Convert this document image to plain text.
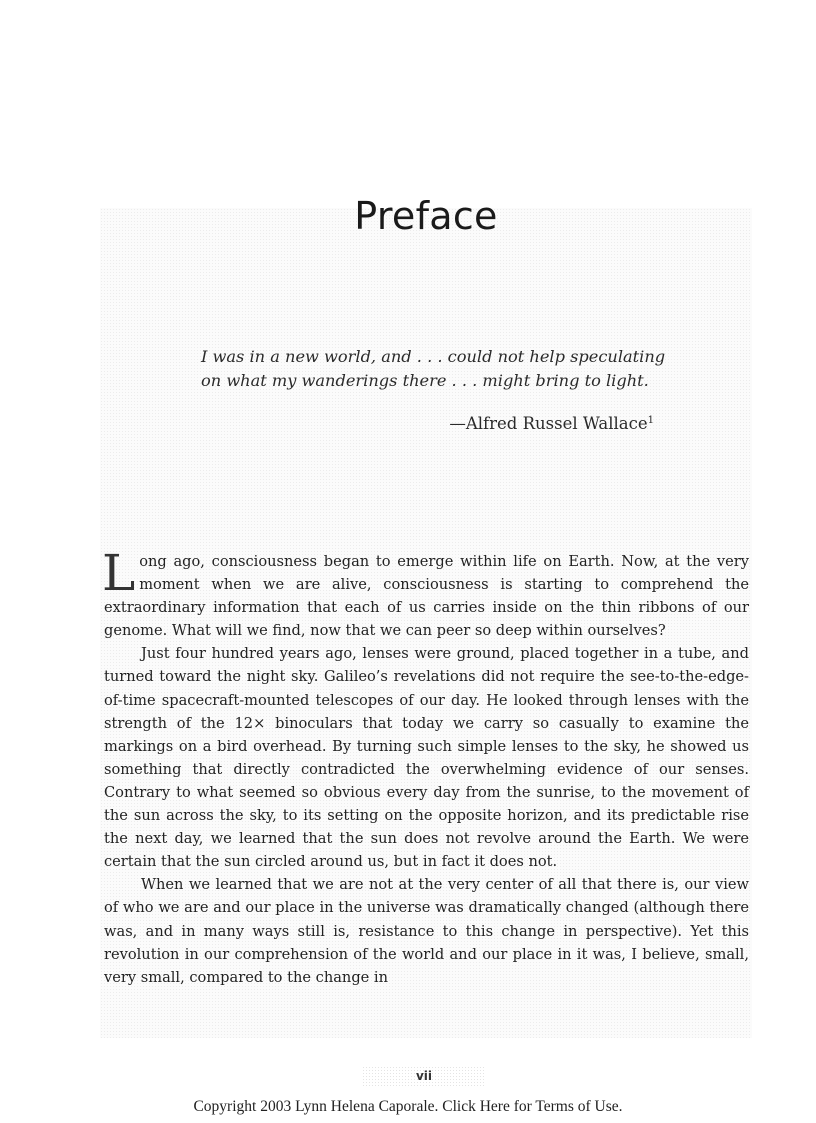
Preface
I was in a new world, and . . . could not help speculating
on what my wanderings there . . . might bring to light.
—Alfred Russel Wallace$^1$

Long ago, consciousness began to emerge within life on Earth. Now, at the very moment when we are alive, consciousness is starting to comprehend the extraordinary information that each of us carries inside on the thin ribbons of our genome. What will we find, now that we can peer so deep within ourselves?

Just four hundred years ago, lenses were ground, placed together in a tube, and turned toward the night sky. Galileo’s revelations did not require the see-to-the-edge-of-time spacecraft-mounted telescopes of our day. He looked through lenses with the strength of the 12× binoculars that today we carry so casually to examine the markings on a bird overhead. By turning such simple lenses to the sky, he showed us something that directly contradicted the overwhelming evidence of our senses. Contrary to what seemed so obvious every day from the sunrise, to the movement of the sun across the sky, to its setting on the opposite horizon, and its predictable rise the next day, we learned that the sun does not revolve around the Earth. We were certain that the sun circled around us, but in fact it does not.

When we learned that we are not at the very center of all that there is, our view of who we are and our place in the universe was dramatically changed (although there was, and in many ways still is, resistance to this change in perspective). Yet this revolution in our comprehension of the world and our place in it was, I believe, small, very small, compared to the change in

vii
Copyright 2003 Lynn Helena Caporale. Click Here for Terms of Use.
